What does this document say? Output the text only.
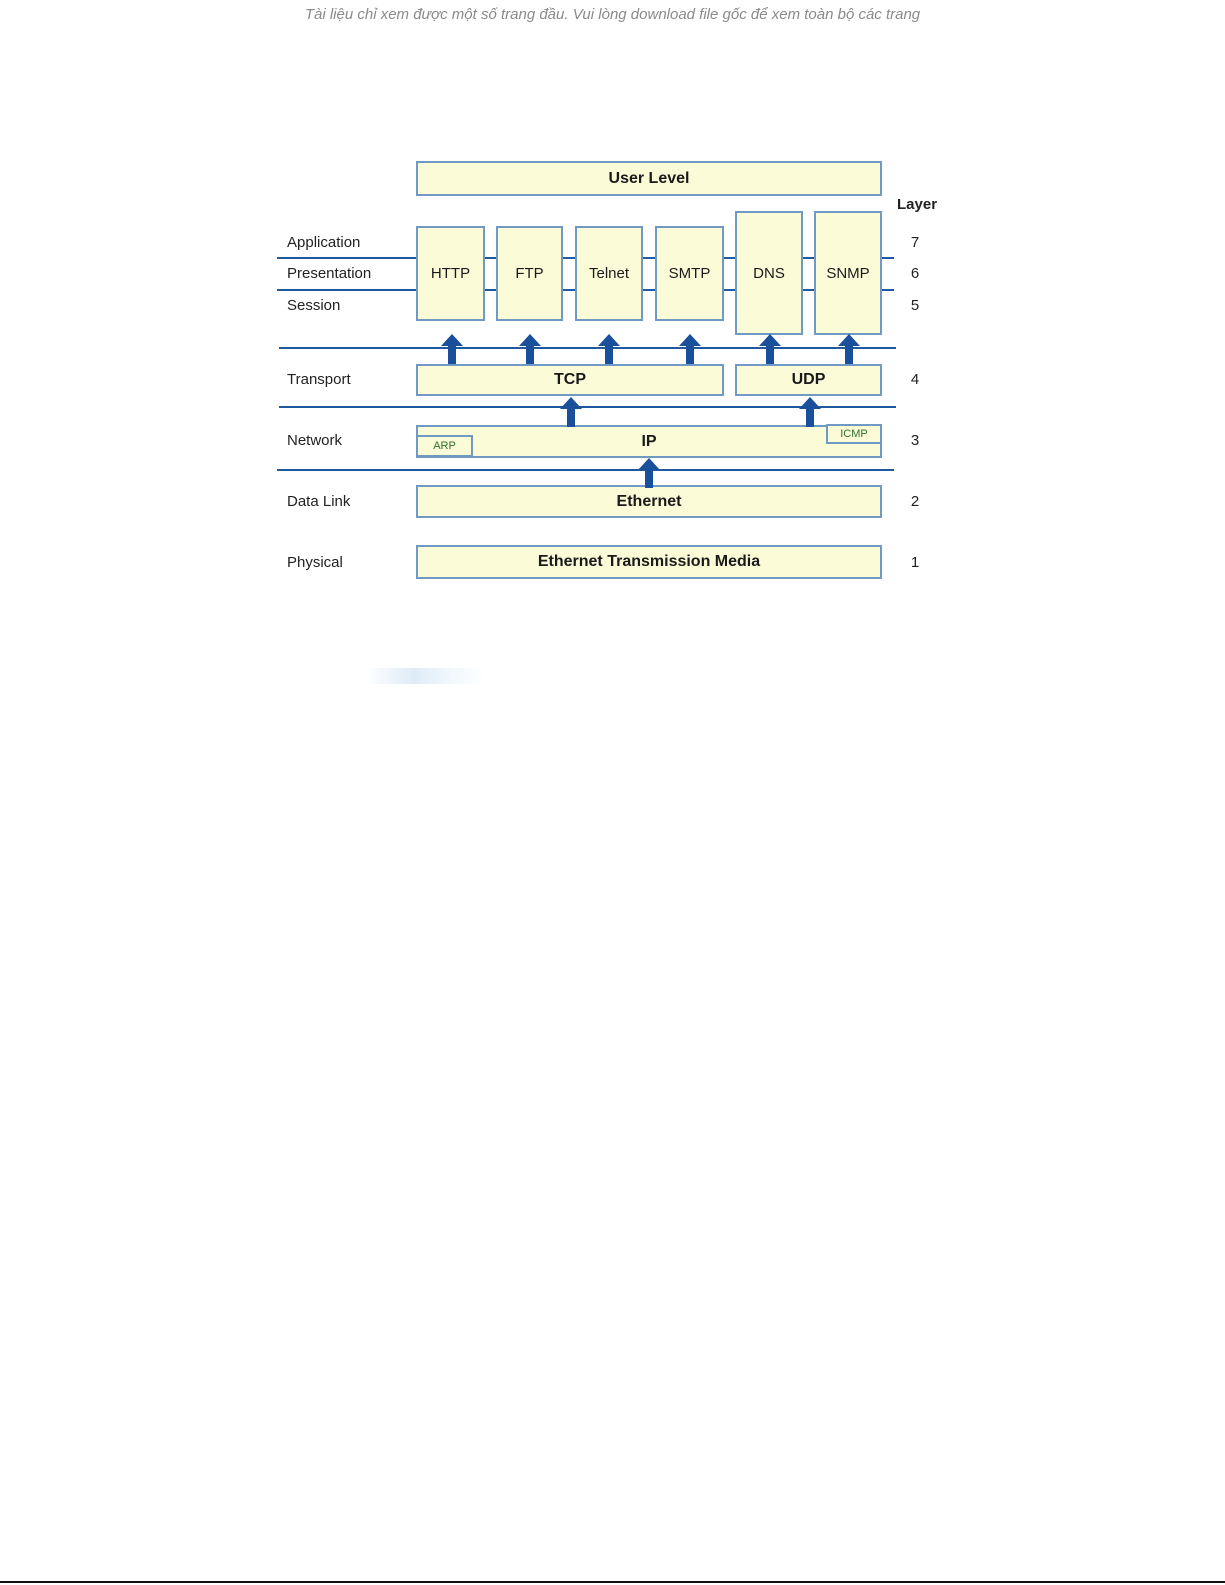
Tài liệu chỉ xem được một số trang đầu. Vui lòng download file gốc để xem toàn bộ các trang
User Level
Layer
HTTP	FTP	Telnet	SMTP	DNS	SNMP
TCP	UDP
IP
ARP
ICMP
Ethernet
Ethernet Transmission Media
Application
Presentation
Session
Transport
Network
Data Link
Physical
7
6
5
4
3
2
1
